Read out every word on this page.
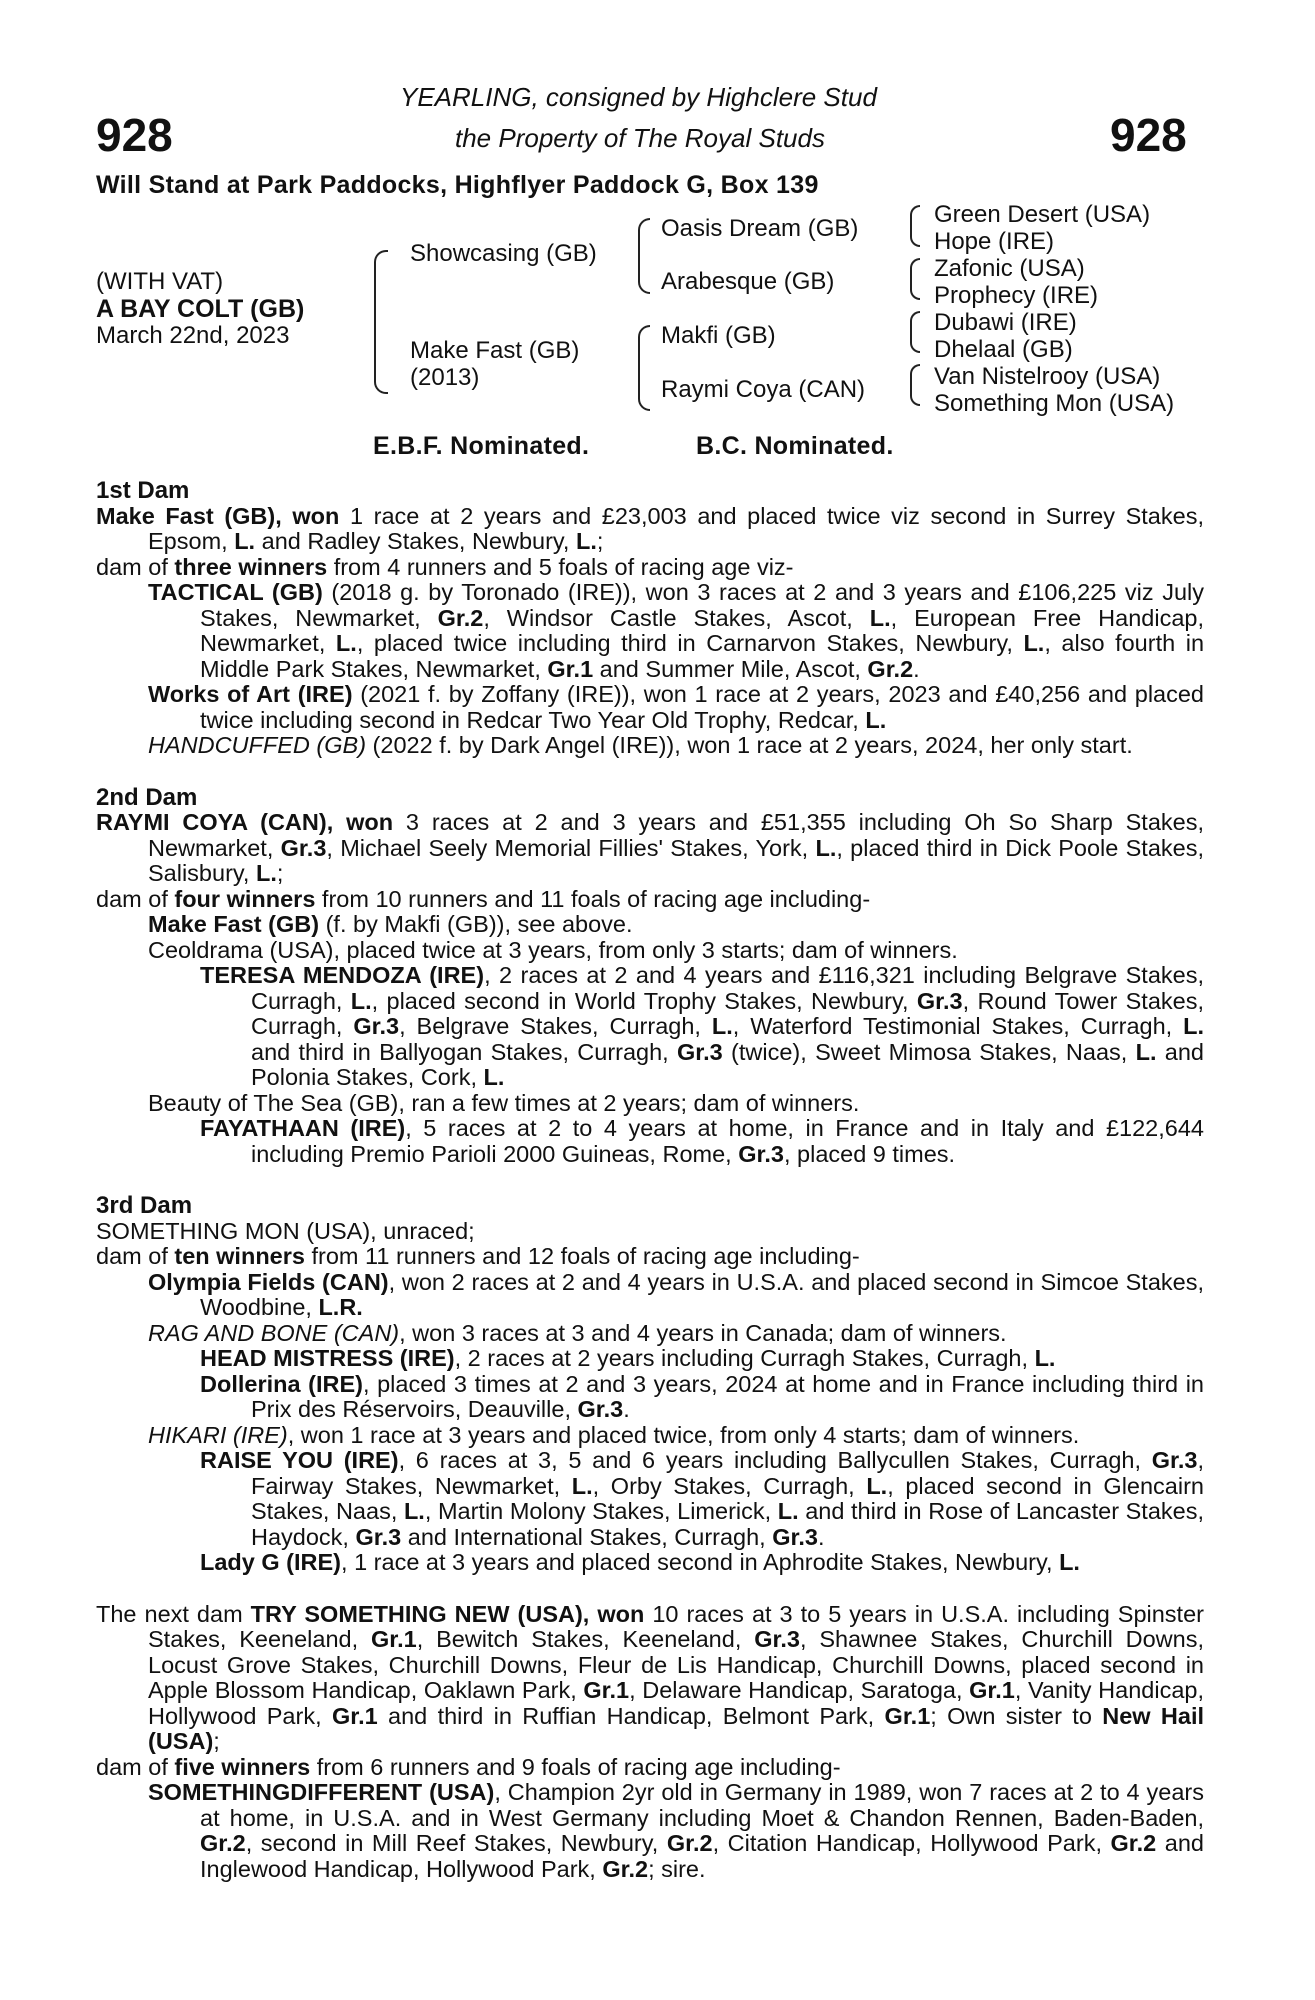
928	928
YEARLING, consigned by Highclere Stud
the Property of The Royal Studs
Will Stand at Park Paddocks, Highflyer Paddock G, Box 139
(WITH VAT)
A BAY COLT (GB)
March 22nd, 2023
Showcasing (GB)
Make Fast (GB)
(2013)
Oasis Dream (GB)
Arabesque (GB)
Makfi (GB)
Raymi Coya (CAN)
Green Desert (USA)
Hope (IRE)
Zafonic (USA)
Prophecy (IRE)
Dubawi (IRE)
Dhelaal (GB)
Van Nistelrooy (USA)
Something Mon (USA)
E.B.F. Nominated.	B.C. Nominated.
1st Dam
Make Fast (GB), won 1 race at 2 years and £23,003 and placed twice viz second in Surrey Stakes, Epsom, L. and Radley Stakes, Newbury, L.;
dam of three winners from 4 runners and 5 foals of racing age viz-
TACTICAL (GB) (2018 g. by Toronado (IRE)), won 3 races at 2 and 3 years and £106,225 viz July Stakes, Newmarket, Gr.2, Windsor Castle Stakes, Ascot, L., European Free Handicap, Newmarket, L., placed twice including third in Carnarvon Stakes, Newbury, L., also fourth in Middle Park Stakes, Newmarket, Gr.1 and Summer Mile, Ascot, Gr.2.
Works of Art (IRE) (2021 f. by Zoffany (IRE)), won 1 race at 2 years, 2023 and £40,256 and placed twice including second in Redcar Two Year Old Trophy, Redcar, L.
HANDCUFFED (GB) (2022 f. by Dark Angel (IRE)), won 1 race at 2 years, 2024, her only start.
2nd Dam
RAYMI COYA (CAN), won 3 races at 2 and 3 years and £51,355 including Oh So Sharp Stakes, Newmarket, Gr.3, Michael Seely Memorial Fillies' Stakes, York, L., placed third in Dick Poole Stakes, Salisbury, L.;
dam of four winners from 10 runners and 11 foals of racing age including-
Make Fast (GB) (f. by Makfi (GB)), see above.
Ceoldrama (USA), placed twice at 3 years, from only 3 starts; dam of winners.
TERESA MENDOZA (IRE), 2 races at 2 and 4 years and £116,321 including Belgrave Stakes, Curragh, L., placed second in World Trophy Stakes, Newbury, Gr.3, Round Tower Stakes, Curragh, Gr.3, Belgrave Stakes, Curragh, L., Waterford Testimonial Stakes, Curragh, L. and third in Ballyogan Stakes, Curragh, Gr.3 (twice), Sweet Mimosa Stakes, Naas, L. and Polonia Stakes, Cork, L.
Beauty of The Sea (GB), ran a few times at 2 years; dam of winners.
FAYATHAAN (IRE), 5 races at 2 to 4 years at home, in France and in Italy and £122,644 including Premio Parioli 2000 Guineas, Rome, Gr.3, placed 9 times.
3rd Dam
SOMETHING MON (USA), unraced;
dam of ten winners from 11 runners and 12 foals of racing age including-
Olympia Fields (CAN), won 2 races at 2 and 4 years in U.S.A. and placed second in Simcoe Stakes, Woodbine, L.R.
RAG AND BONE (CAN), won 3 races at 3 and 4 years in Canada; dam of winners.
HEAD MISTRESS (IRE), 2 races at 2 years including Curragh Stakes, Curragh, L.
Dollerina (IRE), placed 3 times at 2 and 3 years, 2024 at home and in France including third in Prix des Réservoirs, Deauville, Gr.3.
HIKARI (IRE), won 1 race at 3 years and placed twice, from only 4 starts; dam of winners.
RAISE YOU (IRE), 6 races at 3, 5 and 6 years including Ballycullen Stakes, Curragh, Gr.3, Fairway Stakes, Newmarket, L., Orby Stakes, Curragh, L., placed second in Glencairn Stakes, Naas, L., Martin Molony Stakes, Limerick, L. and third in Rose of Lancaster Stakes, Haydock, Gr.3 and International Stakes, Curragh, Gr.3.
Lady G (IRE), 1 race at 3 years and placed second in Aphrodite Stakes, Newbury, L.
The next dam TRY SOMETHING NEW (USA), won 10 races at 3 to 5 years in U.S.A. including Spinster Stakes, Keeneland, Gr.1, Bewitch Stakes, Keeneland, Gr.3, Shawnee Stakes, Churchill Downs, Locust Grove Stakes, Churchill Downs, Fleur de Lis Handicap, Churchill Downs, placed second in Apple Blossom Handicap, Oaklawn Park, Gr.1, Delaware Handicap, Saratoga, Gr.1, Vanity Handicap, Hollywood Park, Gr.1 and third in Ruffian Handicap, Belmont Park, Gr.1; Own sister to New Hail (USA);
dam of five winners from 6 runners and 9 foals of racing age including-
SOMETHINGDIFFERENT (USA), Champion 2yr old in Germany in 1989, won 7 races at 2 to 4 years at home, in U.S.A. and in West Germany including Moet & Chandon Rennen, Baden-Baden, Gr.2, second in Mill Reef Stakes, Newbury, Gr.2, Citation Handicap, Hollywood Park, Gr.2 and Inglewood Handicap, Hollywood Park, Gr.2; sire.
